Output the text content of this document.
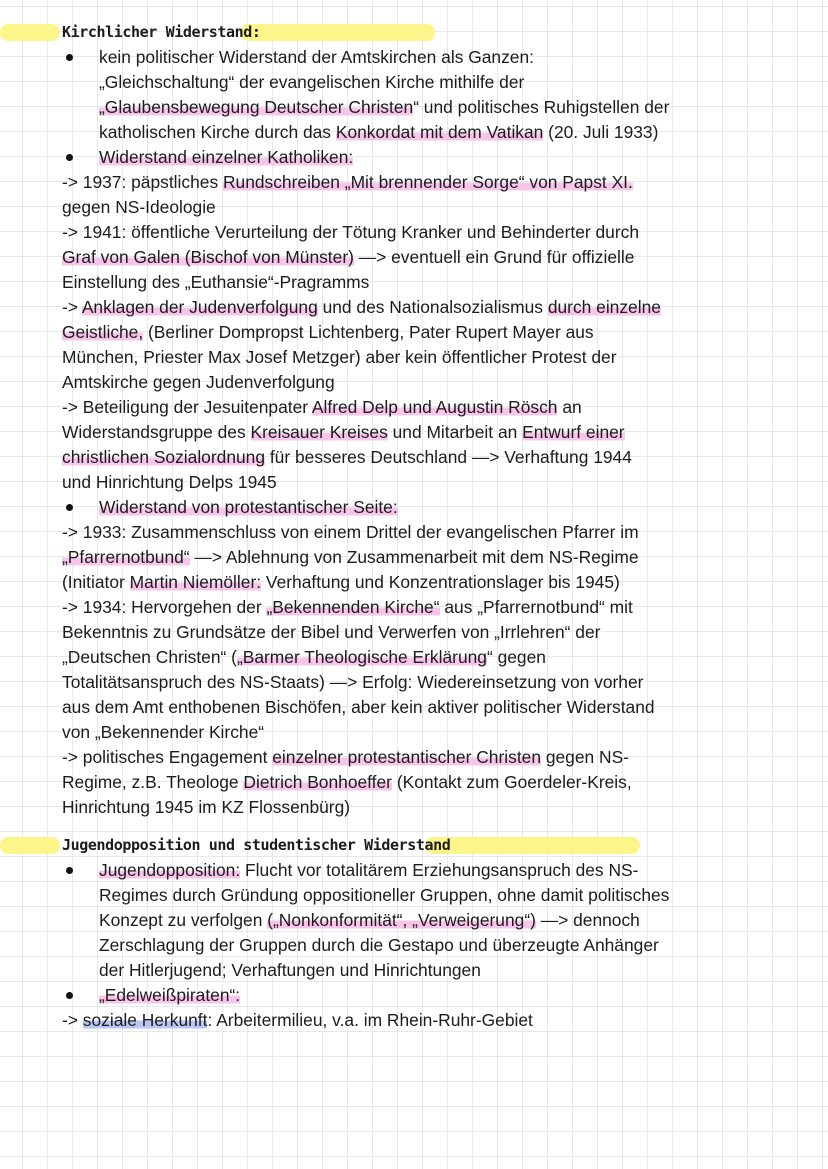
Kirchlicher Widerstand:
kein politischer Widerstand der Amtskirchen als Ganzen:
„Gleichschaltung“ der evangelischen Kirche mithilfe der
„Glaubensbewegung Deutscher Christen“ und politisches Ruhigstellen der
katholischen Kirche durch das Konkordat mit dem Vatikan (20. Juli 1933)
Widerstand einzelner Katholiken:
-> 1937: päpstliches Rundschreiben „Mit brennender Sorge“ von Papst XI.
gegen NS-Ideologie
-> 1941: öffentliche Verurteilung der Tötung Kranker und Behinderter durch
Graf von Galen (Bischof von Münster) —> eventuell ein Grund für offizielle
Einstellung des „Euthansie“-Pragramms
-> Anklagen der Judenverfolgung und des Nationalsozialismus durch einzelne
Geistliche, (Berliner Dompropst Lichtenberg, Pater Rupert Mayer aus
München, Priester Max Josef Metzger) aber kein öffentlicher Protest der
Amtskirche gegen Judenverfolgung
-> Beteiligung der Jesuitenpater Alfred Delp und Augustin Rösch an
Widerstandsgruppe des Kreisauer Kreises und Mitarbeit an Entwurf einer
christlichen Sozialordnung für besseres Deutschland —> Verhaftung 1944
und Hinrichtung Delps 1945
Widerstand von protestantischer Seite:
-> 1933: Zusammenschluss von einem Drittel der evangelischen Pfarrer im
„Pfarrernotbund“ —> Ablehnung von Zusammenarbeit mit dem NS-Regime
(Initiator Martin Niemöller: Verhaftung und Konzentrationslager bis 1945)
-> 1934: Hervorgehen der „Bekennenden Kirche“ aus „Pfarrernotbund“ mit
Bekenntnis zu Grundsätze der Bibel und Verwerfen von „Irrlehren“ der
„Deutschen Christen“ („Barmer Theologische Erklärung“ gegen
Totalitätsanspruch des NS-Staats) —> Erfolg: Wiedereinsetzung von vorher
aus dem Amt enthobenen Bischöfen, aber kein aktiver politischer Widerstand
von „Bekennender Kirche“
-> politisches Engagement einzelner protestantischer Christen gegen NS-
Regime, z.B. Theologe Dietrich Bonhoeffer (Kontakt zum Goerdeler-Kreis,
Hinrichtung 1945 im KZ Flossenbürg)
Jugendopposition und studentischer Widerstand
Jugendopposition: Flucht vor totalitärem Erziehungsanspruch des NS-
Regimes durch Gründung oppositioneller Gruppen, ohne damit politisches
Konzept zu verfolgen („Nonkonformität“, „Verweigerung“) —> dennoch
Zerschlagung der Gruppen durch die Gestapo und überzeugte Anhänger
der Hitlerjugend; Verhaftungen und Hinrichtungen
„Edelweißpiraten“:
-> soziale Herkunft: Arbeitermilieu, v.a. im Rhein-Ruhr-Gebiet
